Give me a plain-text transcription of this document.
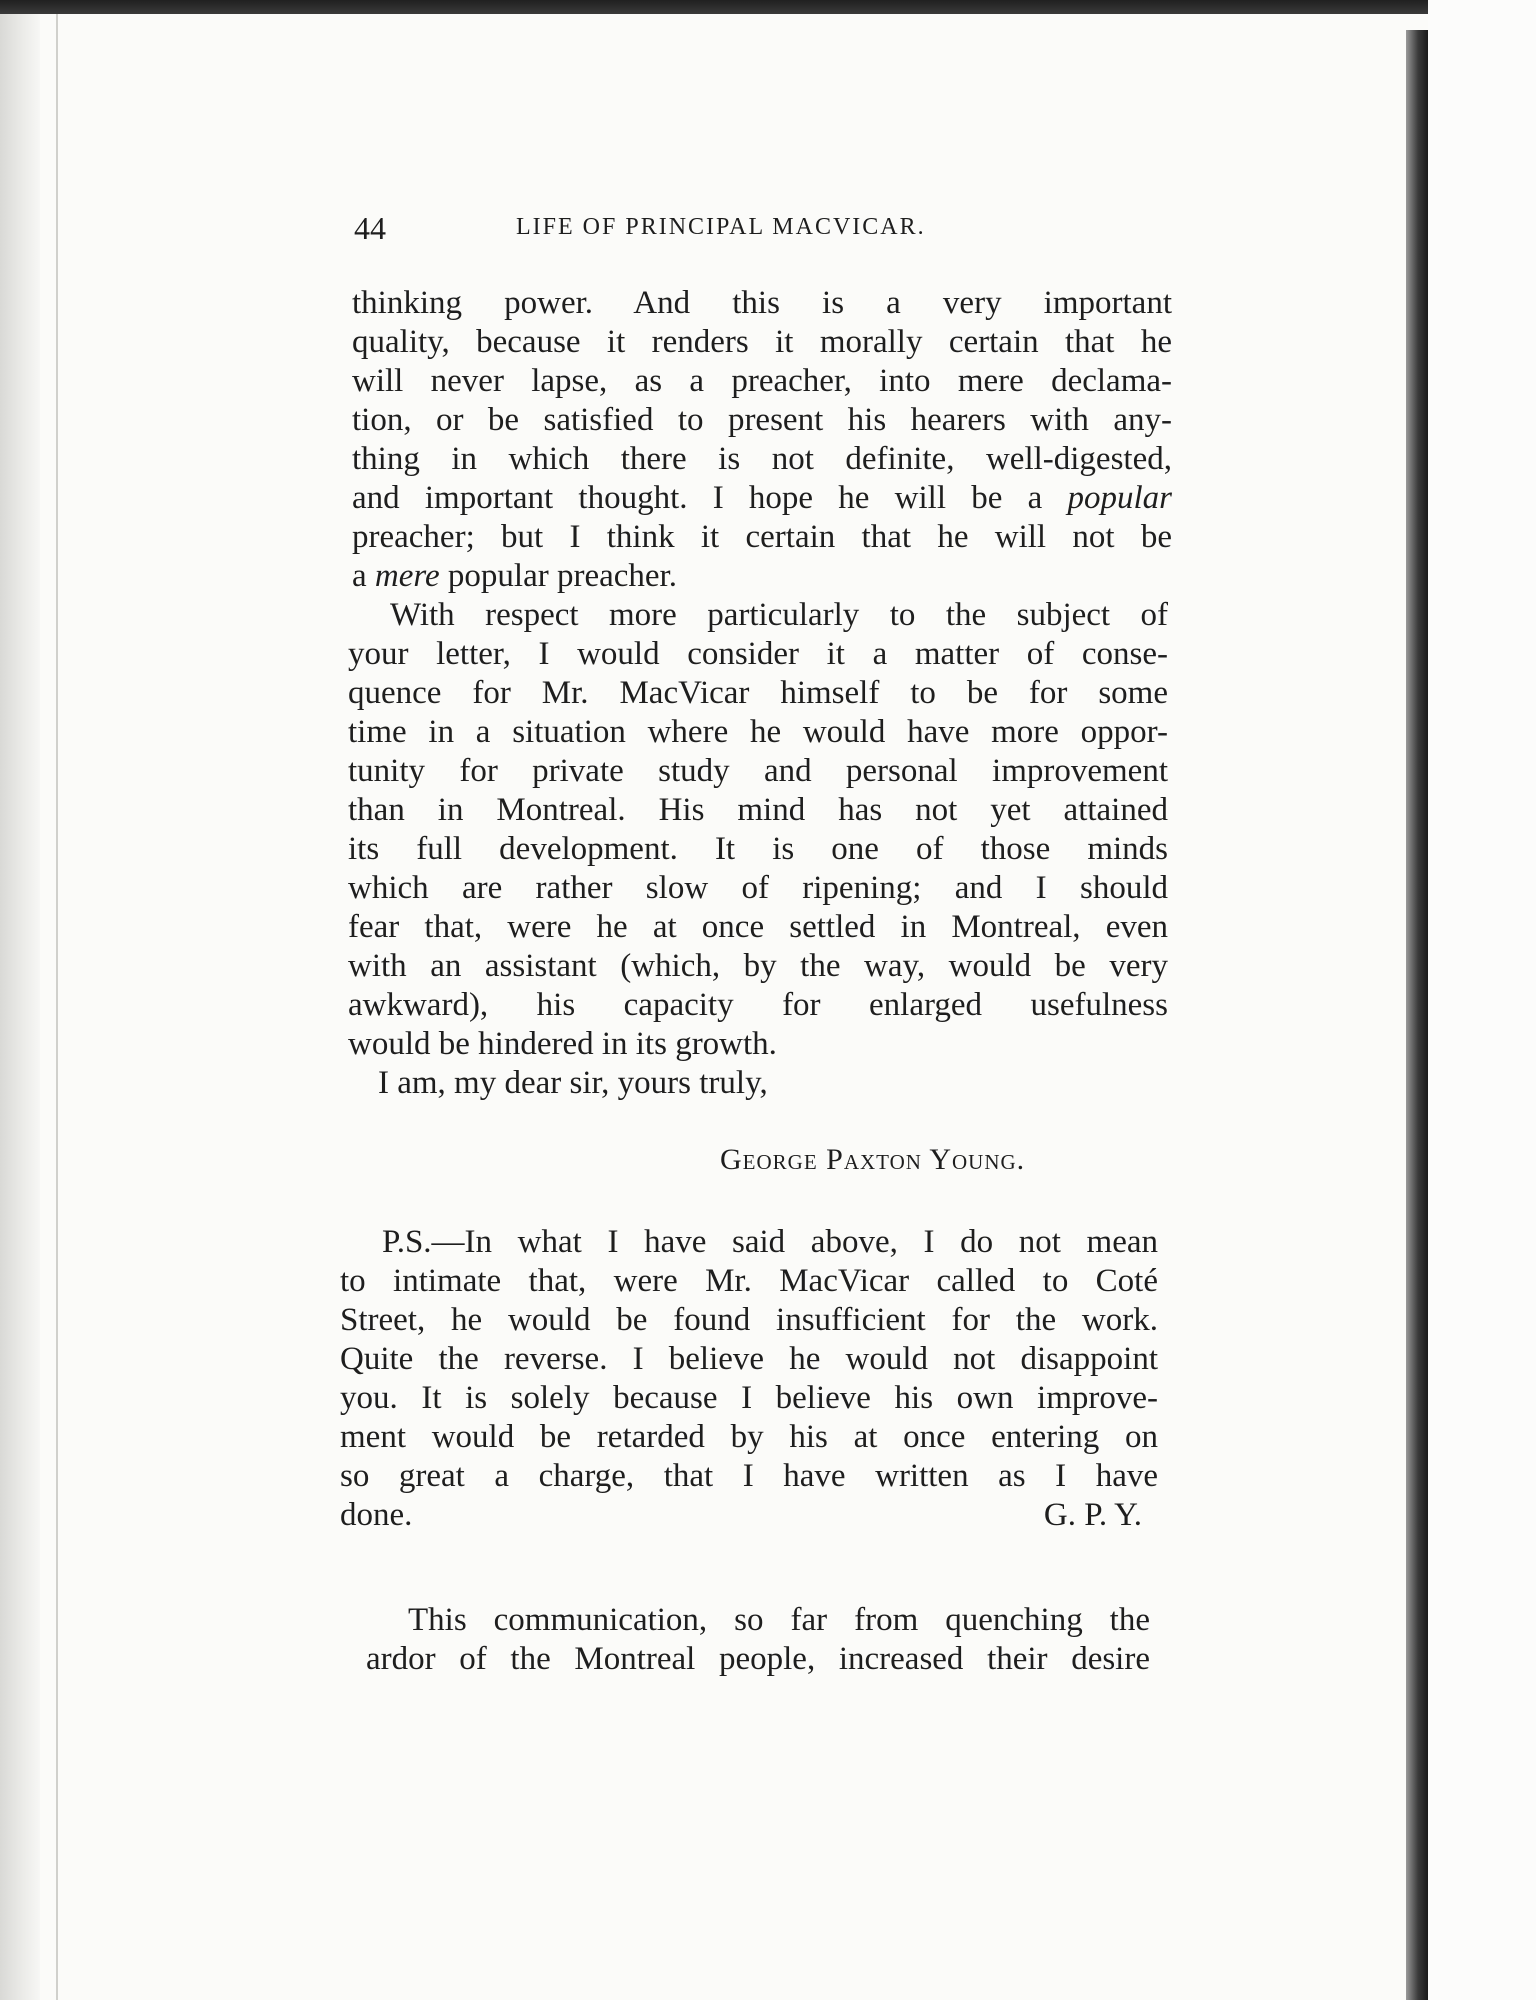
44	LIFE OF PRINCIPAL MACVICAR.

thinking power. And this is a very important
quality, because it renders it morally certain that he
will never lapse, as a preacher, into mere declama-
tion, or be satisfied to present his hearers with any-
thing in which there is not definite, well-digested,
and important thought. I hope he will be a popular
preacher; but I think it certain that he will not be
a mere popular preacher.

With respect more particularly to the subject of
your letter, I would consider it a matter of conse-
quence for Mr. MacVicar himself to be for some
time in a situation where he would have more oppor-
tunity for private study and personal improvement
than in Montreal. His mind has not yet attained
its full development. It is one of those minds
which are rather slow of ripening; and I should
fear that, were he at once settled in Montreal, even
with an assistant (which, by the way, would be very
awkward), his capacity for enlarged usefulness
would be hindered in its growth.

I am, my dear sir, yours truly,

George Paxton Young.

P.S.—In what I have said above, I do not mean
to intimate that, were Mr. MacVicar called to Coté
Street, he would be found insufficient for the work.
Quite the reverse. I believe he would not disappoint
you. It is solely because I believe his own improve-
ment would be retarded by his at once entering on
so great a charge, that I have written as I have

done.	G. P. Y.

This communication, so far from quenching the
ardor of the Montreal people, increased their desire
